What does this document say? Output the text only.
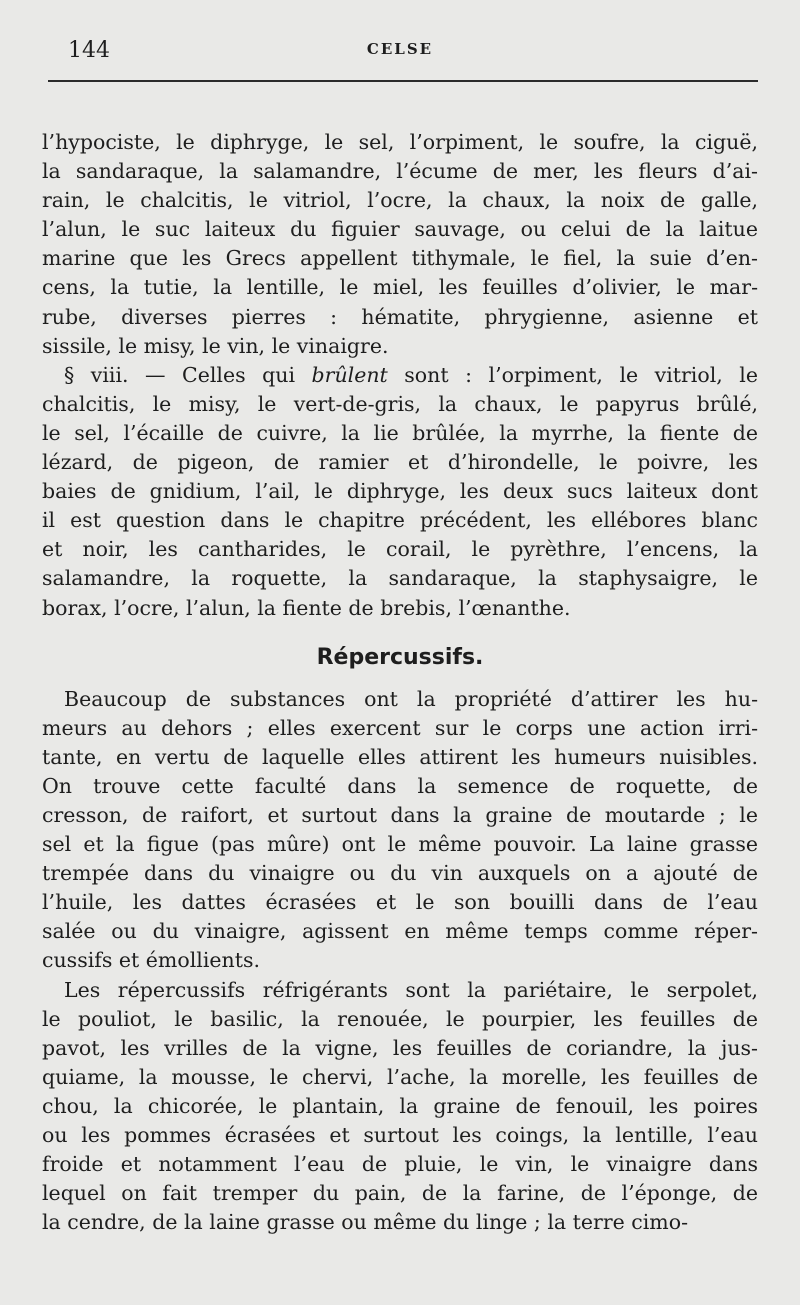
144	CELSE
l’hypociste, le diphryge, le sel, l’orpiment, le soufre, la ciguë,
la sandaraque, la salamandre, l’écume de mer, les fleurs d’ai-
rain, le chalcitis, le vitriol, l’ocre, la chaux, la noix de galle,
l’alun, le suc laiteux du figuier sauvage, ou celui de la laitue
marine que les Grecs appellent tithymale, le fiel, la suie d’en-
cens, la tutie, la lentille, le miel, les feuilles d’olivier, le mar-
rube, diverses pierres : hématite, phrygienne, asienne et
sissile, le misy, le vin, le vinaigre.
§ viii. — Celles qui brûlent sont : l’orpiment, le vitriol, le
chalcitis, le misy, le vert-de-gris, la chaux, le papyrus brûlé,
le sel, l’écaille de cuivre, la lie brûlée, la myrrhe, la fiente de
lézard, de pigeon, de ramier et d’hirondelle, le poivre, les
baies de gnidium, l’ail, le diphryge, les deux sucs laiteux dont
il est question dans le chapitre précédent, les ellébores blanc
et noir, les cantharides, le corail, le pyrèthre, l’encens, la
salamandre, la roquette, la sandaraque, la staphysaigre, le
borax, l’ocre, l’alun, la fiente de brebis, l’œnanthe.
Répercussifs.
Beaucoup de substances ont la propriété d’attirer les hu-
meurs au dehors ; elles exercent sur le corps une action irri-
tante, en vertu de laquelle elles attirent les humeurs nuisibles.
On trouve cette faculté dans la semence de roquette, de
cresson, de raifort, et surtout dans la graine de moutarde ; le
sel et la figue (pas mûre) ont le même pouvoir. La laine grasse
trempée dans du vinaigre ou du vin auxquels on a ajouté de
l’huile, les dattes écrasées et le son bouilli dans de l’eau
salée ou du vinaigre, agissent en même temps comme réper-
cussifs et émollients.
Les répercussifs réfrigérants sont la pariétaire, le serpolet,
le pouliot, le basilic, la renouée, le pourpier, les feuilles de
pavot, les vrilles de la vigne, les feuilles de coriandre, la jus-
quiame, la mousse, le chervi, l’ache, la morelle, les feuilles de
chou, la chicorée, le plantain, la graine de fenouil, les poires
ou les pommes écrasées et surtout les coings, la lentille, l’eau
froide et notamment l’eau de pluie, le vin, le vinaigre dans
lequel on fait tremper du pain, de la farine, de l’éponge, de
la cendre, de la laine grasse ou même du linge ; la terre cimo-
